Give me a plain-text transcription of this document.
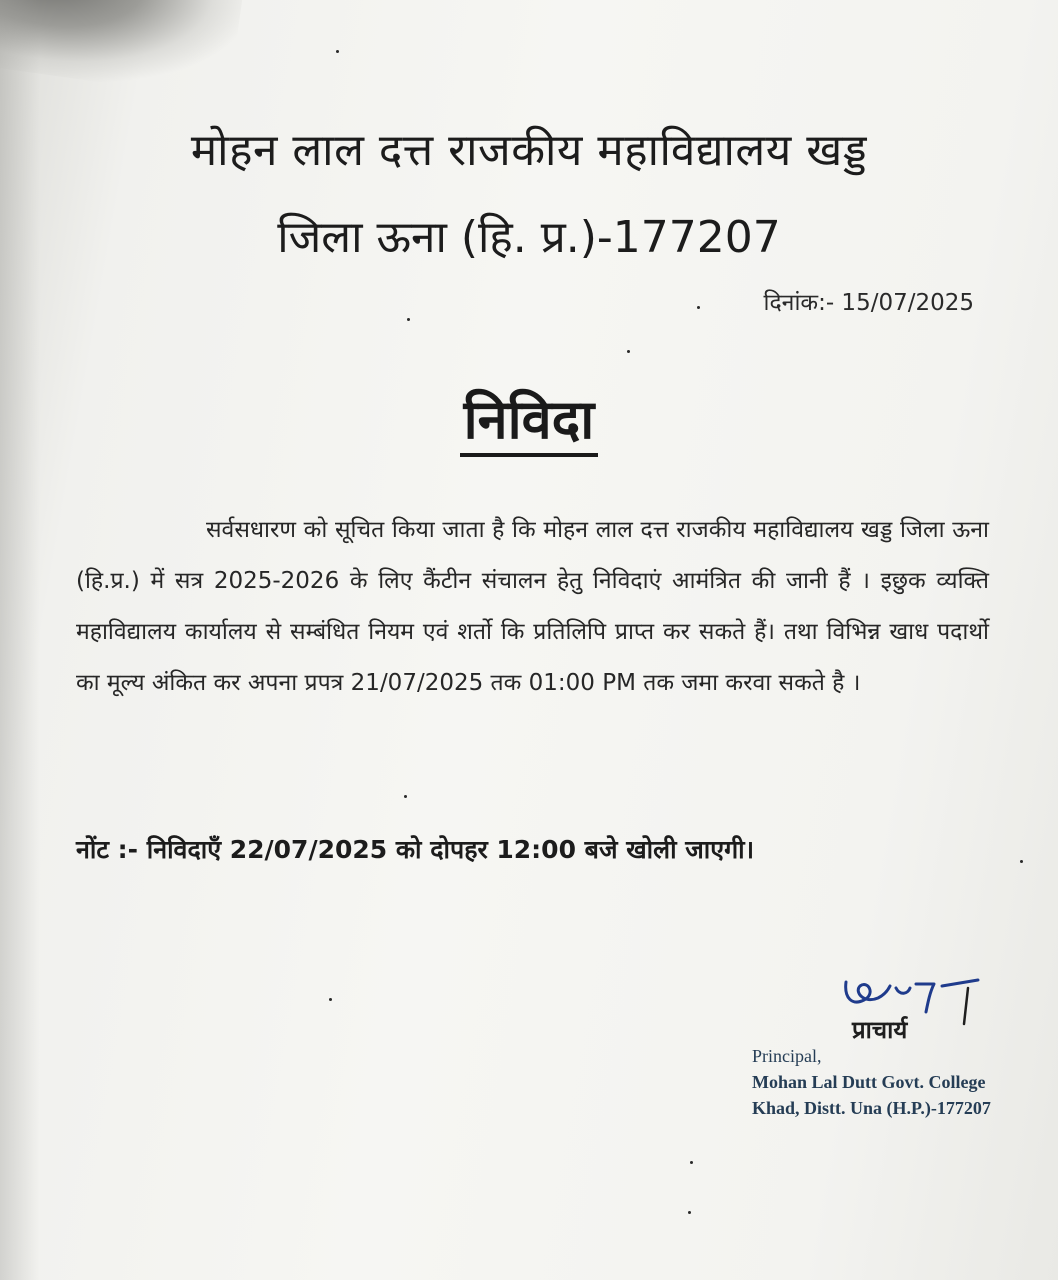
मोहन लाल दत्त राजकीय महाविद्यालय खड्ड
जिला ऊना (हि. प्र.)-177207
दिनांक:- 15/07/2025
निविदा
सर्वसधारण को सूचित किया जाता है कि मोहन लाल दत्त राजकीय महाविद्यालय खड्ड जिला ऊना (हि.प्र.) में सत्र 2025-2026 के लिए कैंटीन संचालन हेतु निविदाएं आमंत्रित की जानी हैं । इछुक व्यक्ति महाविद्यालय कार्यालय से सम्बंधित नियम एवं शर्तो कि प्रतिलिपि प्राप्त कर सकते हैं। तथा विभिन्न खाध पदार्थो का मूल्य अंकित कर अपना प्रपत्र 21/07/2025 तक 01:00 PM तक जमा करवा सकते है ।
नोंट :- निविदाएँ 22/07/2025 को दोपहर 12:00 बजे खोली जाएगी।
प्राचार्य
Principal,
Mohan Lal Dutt Govt. College
Khad, Distt. Una (H.P.)-177207
